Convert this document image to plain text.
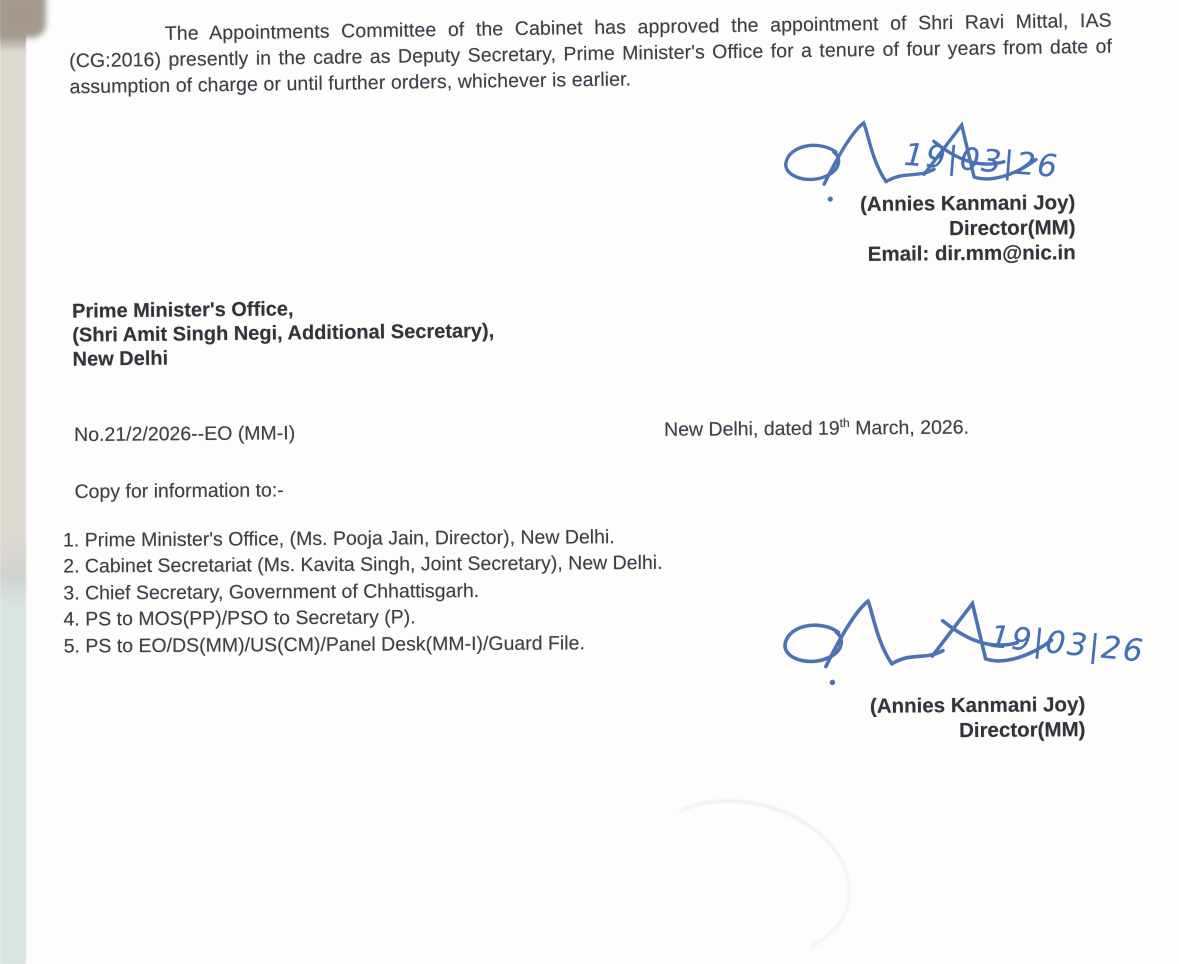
The Appointments Committee of the Cabinet has approved the appointment of Shri Ravi Mittal, IAS (CG:2016) presently in the cadre as Deputy Secretary, Prime Minister's Office for a tenure of four years from date of assumption of charge or until further orders, whichever is earlier.
19|03|26
(Annies Kanmani Joy)
Director(MM)
Email: dir.mm@nic.in
Prime Minister's Office,
(Shri Amit Singh Negi, Additional Secretary),
New Delhi
No.21/2/2026--EO (MM-I)	New Delhi, dated 19th March, 2026.
Copy for information to:-
1. Prime Minister's Office, (Ms. Pooja Jain, Director), New Delhi.
2. Cabinet Secretariat (Ms. Kavita Singh, Joint Secretary), New Delhi.
3. Chief Secretary, Government of Chhattisgarh.
4. PS to MOS(PP)/PSO to Secretary (P).
5. PS to EO/DS(MM)/US(CM)/Panel Desk(MM-I)/Guard File.	19|03|26
(Annies Kanmani Joy)
Director(MM)
